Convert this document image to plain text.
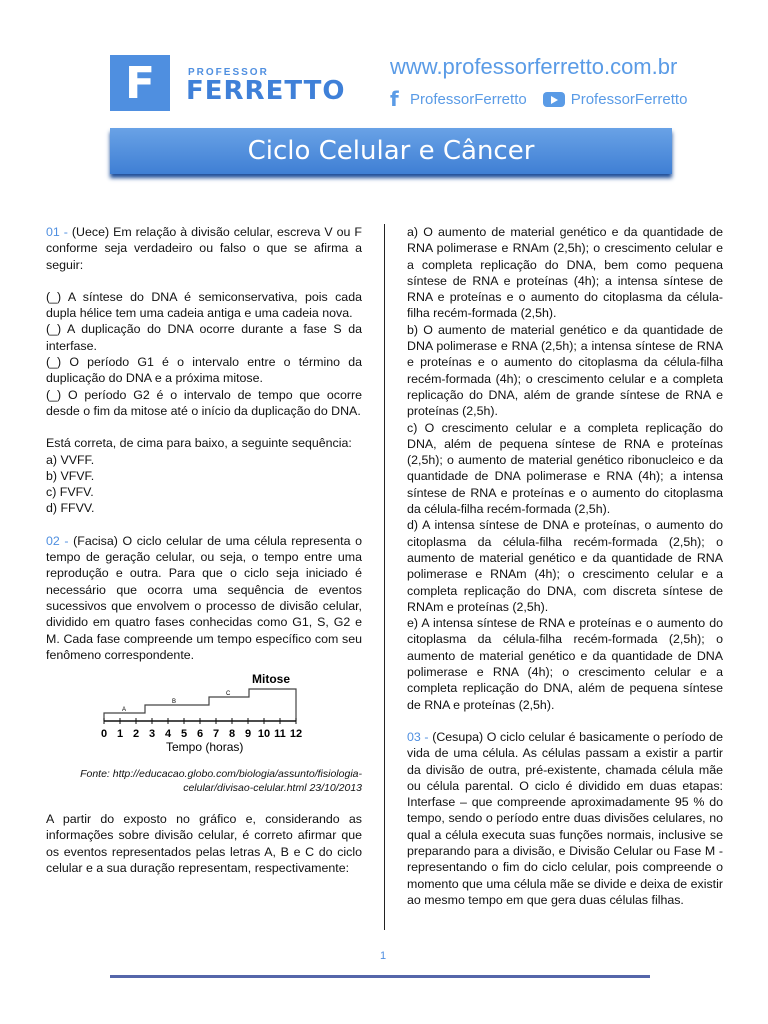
F	PROFESSOR
FERRETTO
www.professorferretto.com.br
f ProfessorFerretto	ProfessorFerretto
Ciclo Celular e Câncer

01 - (Uece) Em relação à divisão celular, escreva V ou F conforme seja verdadeiro ou falso o que se afirma a seguir:

(_) A síntese do DNA é semiconservativa, pois cada dupla hélice tem uma cadeia antiga e uma cadeia nova.

(_) A duplicação do DNA ocorre durante a fase S da interfase.

(_) O período G1 é o intervalo entre o término da duplicação do DNA e a próxima mitose.

(_) O período G2 é o intervalo de tempo que ocorre desde o fim da mitose até o início da duplicação do DNA.

Está correta, de cima para baixo, a seguinte sequência:

a) VVFF.

b) VFVF.

c) FVFV.

d) FFVV.

02 - (Facisa) O ciclo celular de uma célula representa o tempo de geração celular, ou seja, o tempo entre uma reprodução e outra. Para que o ciclo seja iniciado é necessário que ocorra uma sequência de eventos sucessivos que envolvem o processo de divisão celular, dividido em quatro fases conhecidas como G1, S, G2 e M. Cada fase compreende um tempo específico com seu fenômeno correspondente.

Mitose
A
B
C
0 1 2 3 4 5 6 7 8 9 10 11 12
Tempo (horas)

Fonte: http://educacao.globo.com/biologia/assunto/fisiologia-celular/divisao-celular.html 23/10/2013

A partir do exposto no gráfico e, considerando as informações sobre divisão celular, é correto afirmar que os eventos representados pelas letras A, B e C do ciclo celular e a sua duração representam, respectivamente:

a) O aumento de material genético e da quantidade de RNA polimerase e RNAm (2,5h); o crescimento celular e a completa replicação do DNA, bem como pequena síntese de RNA e proteínas (4h); a intensa síntese de RNA e proteínas e o aumento do citoplasma da célula-filha recém-formada (2,5h).

b) O aumento de material genético e da quantidade de DNA polimerase e RNA (2,5h); a intensa síntese de RNA e proteínas e o aumento do citoplasma da célula-filha recém-formada (4h); o crescimento celular e a completa replicação do DNA, além de grande síntese de RNA e proteínas (2,5h).

c) O crescimento celular e a completa replicação do DNA, além de pequena síntese de RNA e proteínas (2,5h); o aumento de material genético ribonucleico e da quantidade de DNA polimerase e RNA (4h); a intensa síntese de RNA e proteínas e o aumento do citoplasma da célula-filha recém-formada (2,5h).

d) A intensa síntese de DNA e proteínas, o aumento do citoplasma da célula-filha recém-formada (2,5h); o aumento de material genético e da quantidade de RNA polimerase e RNAm (4h); o crescimento celular e a completa replicação do DNA, com discreta síntese de RNAm e proteínas (2,5h).

e) A intensa síntese de RNA e proteínas e o aumento do citoplasma da célula-filha recém-formada (2,5h); o aumento de material genético e da quantidade de DNA polimerase e RNA (4h); o crescimento celular e a completa replicação do DNA, além de pequena síntese de RNA e proteínas (2,5h).

03 - (Cesupa) O ciclo celular é basicamente o período de vida de uma célula. As células passam a existir a partir da divisão de outra, pré-existente, chamada célula mãe ou célula parental. O ciclo é dividido em duas etapas: Interfase – que compreende aproximadamente 95 % do tempo, sendo o período entre duas divisões celulares, no qual a célula executa suas funções normais, inclusive se preparando para a divisão, e Divisão Celular ou Fase M - representando o fim do ciclo celular, pois compreende o momento que uma célula mãe se divide e deixa de existir ao mesmo tempo em que gera duas células filhas.

1
